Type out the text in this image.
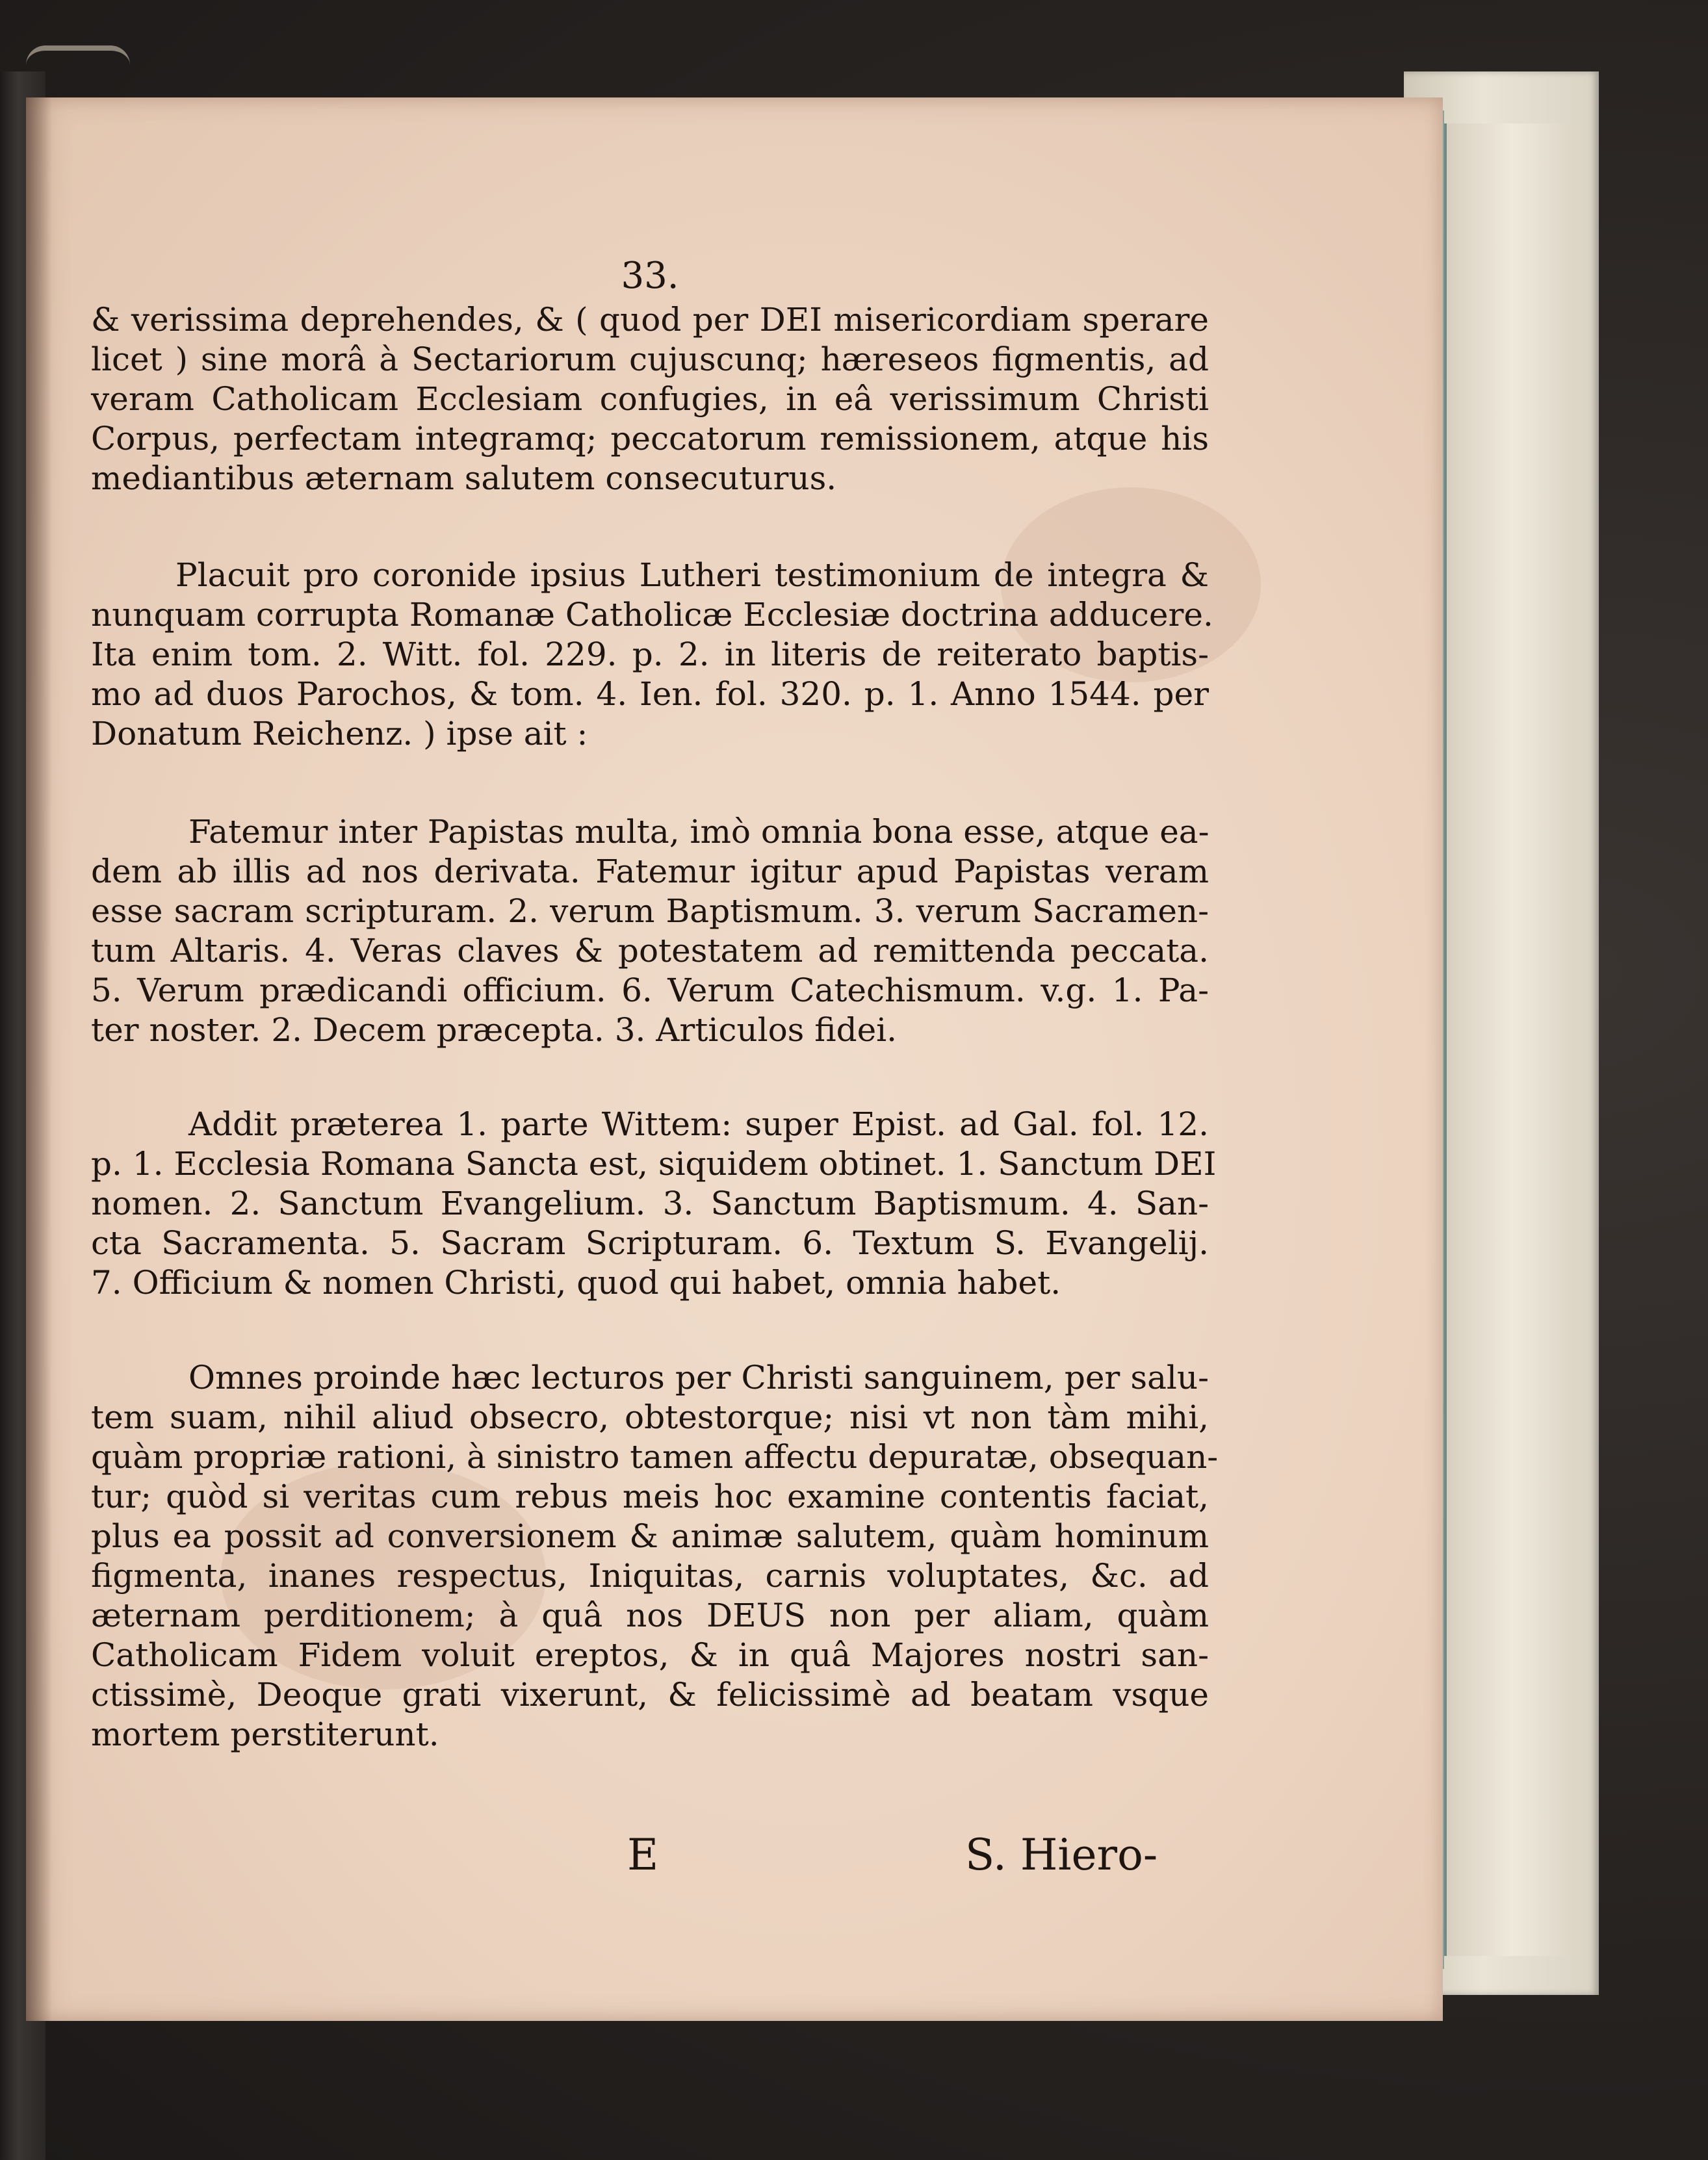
33.
& verissima deprehendes, & ( quod per DEI misericordiam sperare
licet ) sine morâ à Sectariorum cujuscunq; hæreseos figmentis, ad
veram Catholicam Ecclesiam confugies, in eâ verissimum Christi
Corpus, perfectam integramq; peccatorum remissionem, atque his
mediantibus æternam salutem consecuturus.
Placuit pro coronide ipsius Lutheri testimonium de integra &
nunquam corrupta Romanæ Catholicæ Ecclesiæ doctrina adducere.
Ita enim tom. 2. Witt. fol. 229. p. 2. in literis de reiterato baptis-
mo ad duos Parochos, & tom. 4. Ien. fol. 320. p. 1. Anno 1544. per
Donatum Reichenz. ) ipse ait :
Fatemur inter Papistas multa, imò omnia bona esse, atque ea-
dem ab illis ad nos derivata. Fatemur igitur apud Papistas veram
esse sacram scripturam. 2. verum Baptismum. 3. verum Sacramen-
tum Altaris. 4. Veras claves & potestatem ad remittenda peccata.
5. Verum prædicandi officium. 6. Verum Catechismum. v.g. 1. Pa-
ter noster. 2. Decem præcepta. 3. Articulos fidei.
Addit præterea 1. parte Wittem: super Epist. ad Gal. fol. 12.
p. 1. Ecclesia Romana Sancta est, siquidem obtinet. 1. Sanctum DEI
nomen. 2. Sanctum Evangelium. 3. Sanctum Baptismum. 4. San-
cta Sacramenta. 5. Sacram Scripturam. 6. Textum S. Evangelij.
7. Officium & nomen Christi, quod qui habet, omnia habet.
Omnes proinde hæc lecturos per Christi sanguinem, per salu-
tem suam, nihil aliud obsecro, obtestorque; nisi vt non tàm mihi,
quàm propriæ rationi, à sinistro tamen affectu depuratæ, obsequan-
tur; quòd si veritas cum rebus meis hoc examine contentis faciat,
plus ea possit ad conversionem & animæ salutem, quàm hominum
figmenta, inanes respectus, Iniquitas, carnis voluptates, &c. ad
æternam perditionem; à quâ nos DEUS non per aliam, quàm
Catholicam Fidem voluit ereptos, & in quâ Majores nostri san-
ctissimè, Deoque grati vixerunt, & felicissimè ad beatam vsque
mortem perstiterunt.
E	S. Hiero-
